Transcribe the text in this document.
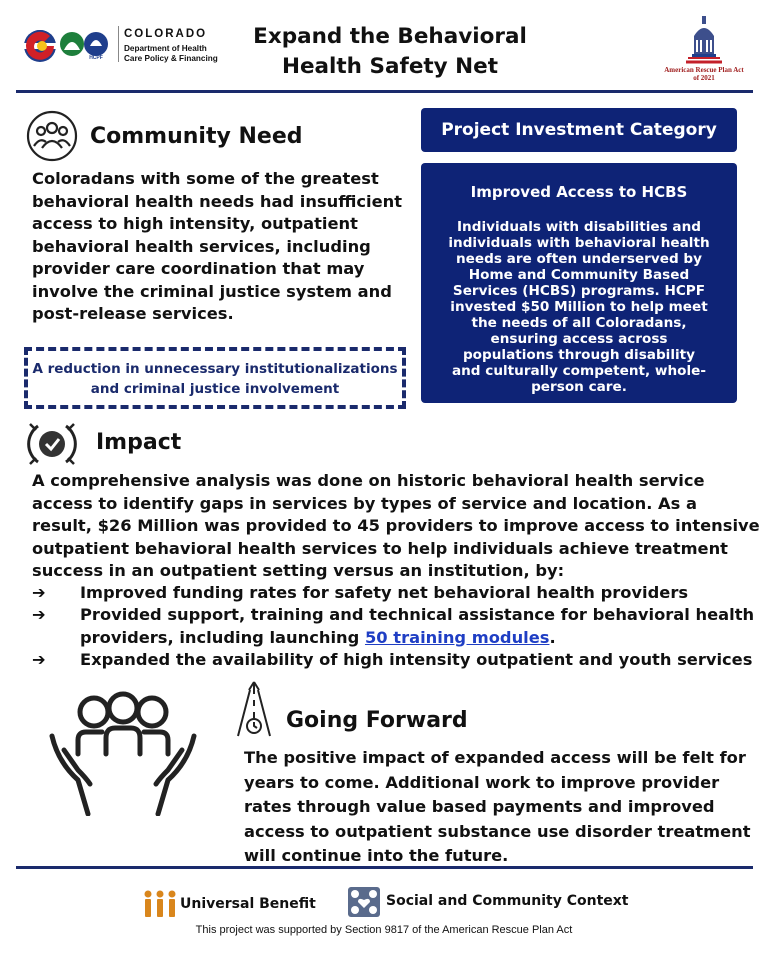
HCPF
COLORADO
Department of Health Care Policy & Financing
Expand the Behavioral Health Safety Net	American Rescue Plan Act of 2021
Community Need
Coloradans with some of the greatest behavioral health needs had insufficient access to high intensity, outpatient behavioral health services, including provider care coordination that may involve the criminal justice system and post-release services.
A reduction in unnecessary institutionalizations and criminal justice involvement
Project Investment Category
Improved Access to HCBS
Individuals with disabilities and individuals with behavioral health needs are often underserved by Home and Community Based Services (HCBS) programs. HCPF invested $50 Million to help meet the needs of all Coloradans, ensuring access across populations through disability and culturally competent, whole-person care.
Impact
A comprehensive analysis was done on historic behavioral health service access to identify gaps in services by types of service and location. As a result, $26 Million was provided to 45 providers to improve access to intensive outpatient behavioral health services to help individuals achieve treatment success in an outpatient setting versus an institution, by:
➔ Improved funding rates for safety net behavioral health providers
➔ Provided support, training and technical assistance for behavioral health providers, including launching 50 training modules.
➔ Expanded the availability of high intensity outpatient and youth services
Going Forward
The positive impact of expanded access will be felt for years to come. Additional work to improve provider rates through value based payments and improved access to outpatient substance use disorder treatment will continue into the future.
Universal Benefit	Social and Community Context
This project was supported by Section 9817 of the American Rescue Plan Act
